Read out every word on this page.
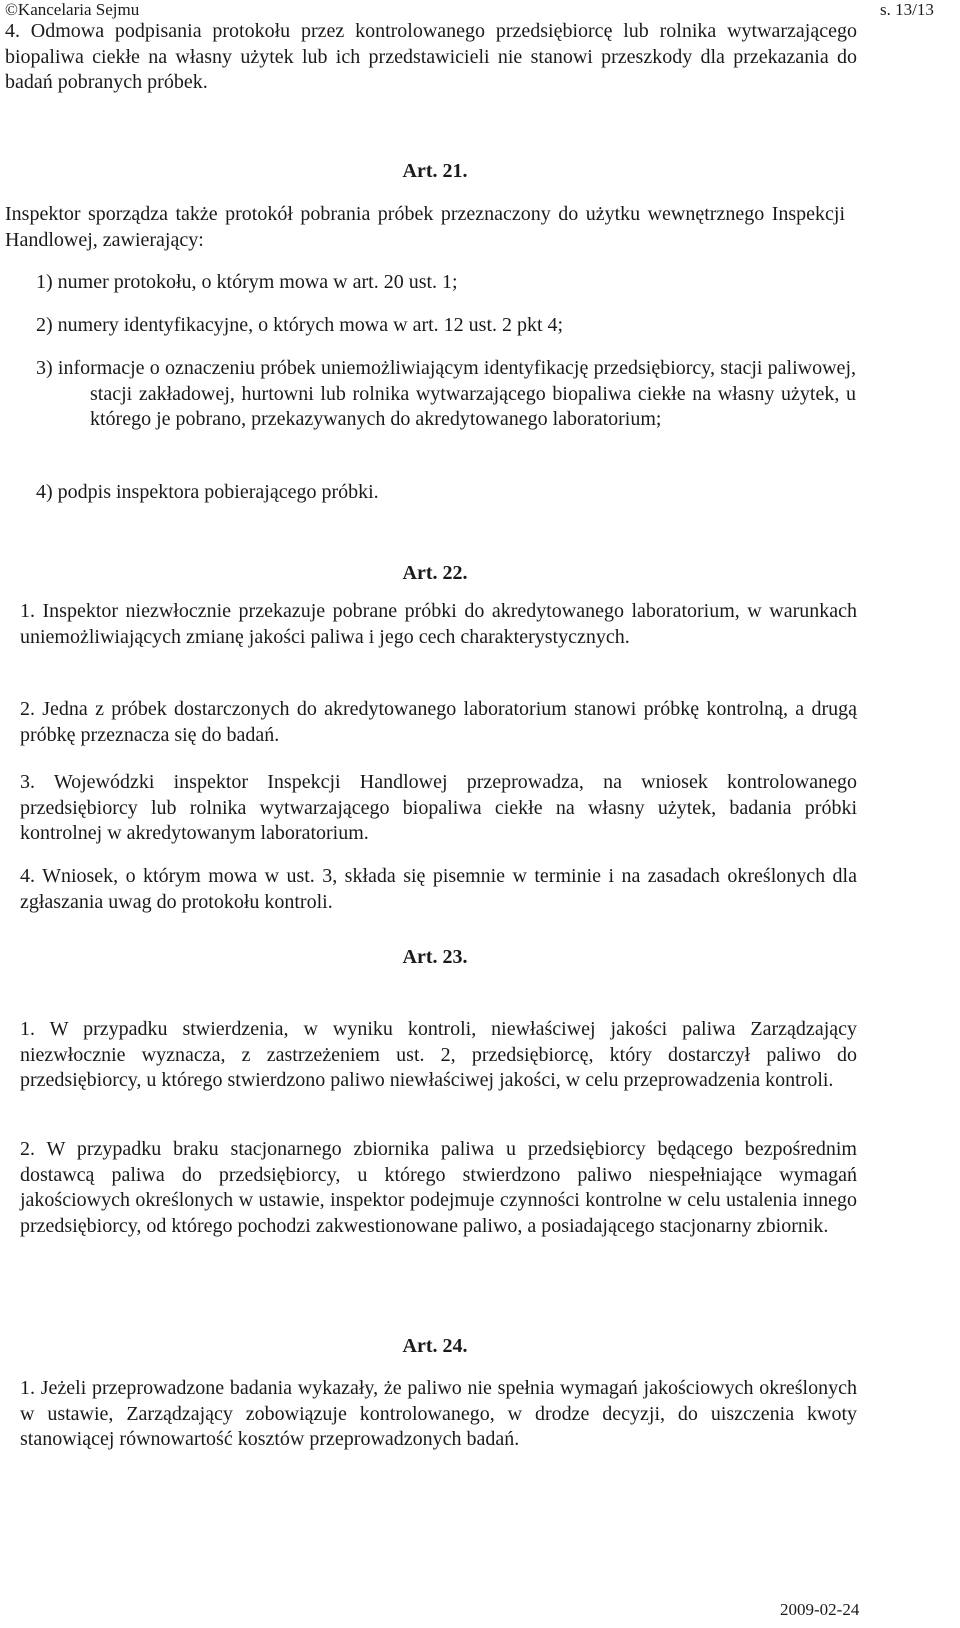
©Kancelaria Sejmu	s. 13/13
4. Odmowa podpisania protokołu przez kontrolowanego przedsiębiorcę lub rolnika wytwarzającego biopaliwa ciekłe na własny użytek lub ich przedstawicieli nie stanowi przeszkody dla przekazania do badań pobranych próbek.
Art. 21.
Inspektor sporządza także protokół pobrania próbek przeznaczony do użytku wewnętrznego Inspekcji Handlowej, zawierający:
1) numer protokołu, o którym mowa w art. 20 ust. 1;
2) numery identyfikacyjne, o których mowa w art. 12 ust. 2 pkt 4;
3) informacje o oznaczeniu próbek uniemożliwiającym identyfikację przedsiębiorcy, stacji paliwowej, stacji zakładowej, hurtowni lub rolnika wytwarzającego biopaliwa ciekłe na własny użytek, u którego je pobrano, przekazywanych do akredytowanego laboratorium;
4) podpis inspektora pobierającego próbki.
Art. 22.
1. Inspektor niezwłocznie przekazuje pobrane próbki do akredytowanego laboratorium, w warunkach uniemożliwiających zmianę jakości paliwa i jego cech charakterystycznych.
2. Jedna z próbek dostarczonych do akredytowanego laboratorium stanowi próbkę kontrolną, a drugą próbkę przeznacza się do badań.
3. Wojewódzki inspektor Inspekcji Handlowej przeprowadza, na wniosek kontrolowanego przedsiębiorcy lub rolnika wytwarzającego biopaliwa ciekłe na własny użytek, badania próbki kontrolnej w akredytowanym laboratorium.
4. Wniosek, o którym mowa w ust. 3, składa się pisemnie w terminie i na zasadach określonych dla zgłaszania uwag do protokołu kontroli.
Art. 23.
1. W przypadku stwierdzenia, w wyniku kontroli, niewłaściwej jakości paliwa Zarządzający niezwłocznie wyznacza, z zastrzeżeniem ust. 2, przedsiębiorcę, który dostarczył paliwo do przedsiębiorcy, u którego stwierdzono paliwo niewłaściwej jakości, w celu przeprowadzenia kontroli.
2. W przypadku braku stacjonarnego zbiornika paliwa u przedsiębiorcy będącego bezpośrednim dostawcą paliwa do przedsiębiorcy, u którego stwierdzono paliwo niespełniające wymagań jakościowych określonych w ustawie, inspektor podejmuje czynności kontrolne w celu ustalenia innego przedsiębiorcy, od którego pochodzi zakwestionowane paliwo, a posiadającego stacjonarny zbiornik.
Art. 24.
1. Jeżeli przeprowadzone badania wykazały, że paliwo nie spełnia wymagań jakościowych określonych w ustawie, Zarządzający zobowiązuje kontrolowanego, w drodze decyzji, do uiszczenia kwoty stanowiącej równowartość kosztów przeprowadzonych badań.
2009-02-24
